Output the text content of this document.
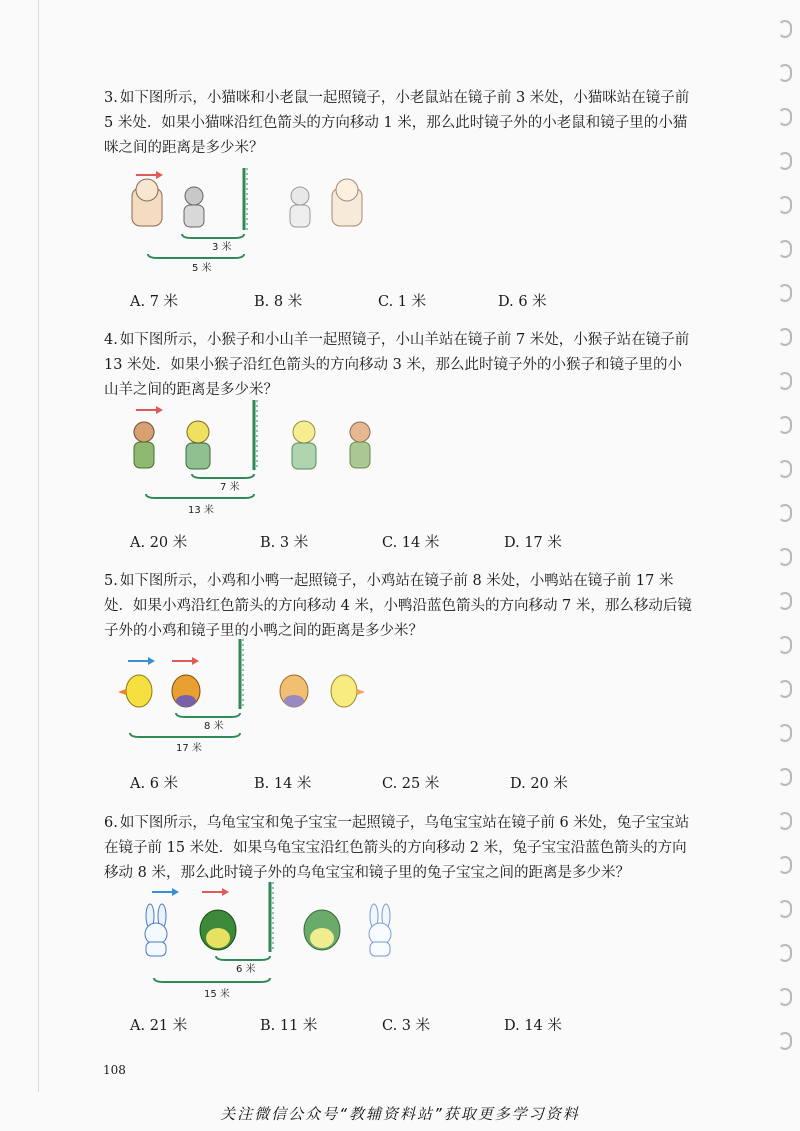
3. 如下图所示，小猫咪和小老鼠一起照镜子，小老鼠站在镜子前 3 米处，小猫咪站在镜子前 5 米处．如果小猫咪沿红色箭头的方向移动 1 米，那么此时镜子外的小老鼠和镜子里的小猫咪之间的距离是多少米？
3 米
5 米
A. 7 米	B. 8 米	C. 1 米	D. 6 米
4. 如下图所示，小猴子和小山羊一起照镜子，小山羊站在镜子前 7 米处，小猴子站在镜子前 13 米处．如果小猴子沿红色箭头的方向移动 3 米，那么此时镜子外的小猴子和镜子里的小山羊之间的距离是多少米？
7 米
13 米
A. 20 米	B. 3 米	C. 14 米	D. 17 米
5. 如下图所示，小鸡和小鸭一起照镜子，小鸡站在镜子前 8 米处，小鸭站在镜子前 17 米处．如果小鸡沿红色箭头的方向移动 4 米，小鸭沿蓝色箭头的方向移动 7 米，那么移动后镜子外的小鸡和镜子里的小鸭之间的距离是多少米？
8 米
17 米
A. 6 米	B. 14 米	C. 25 米	D. 20 米
6. 如下图所示，乌龟宝宝和兔子宝宝一起照镜子，乌龟宝宝站在镜子前 6 米处，兔子宝宝站在镜子前 15 米处．如果乌龟宝宝沿红色箭头的方向移动 2 米，兔子宝宝沿蓝色箭头的方向移动 8 米，那么此时镜子外的乌龟宝宝和镜子里的兔子宝宝之间的距离是多少米？
6 米
15 米
A. 21 米	B. 11 米	C. 3 米	D. 14 米
108
关注微信公众号“教辅资料站”获取更多学习资料
